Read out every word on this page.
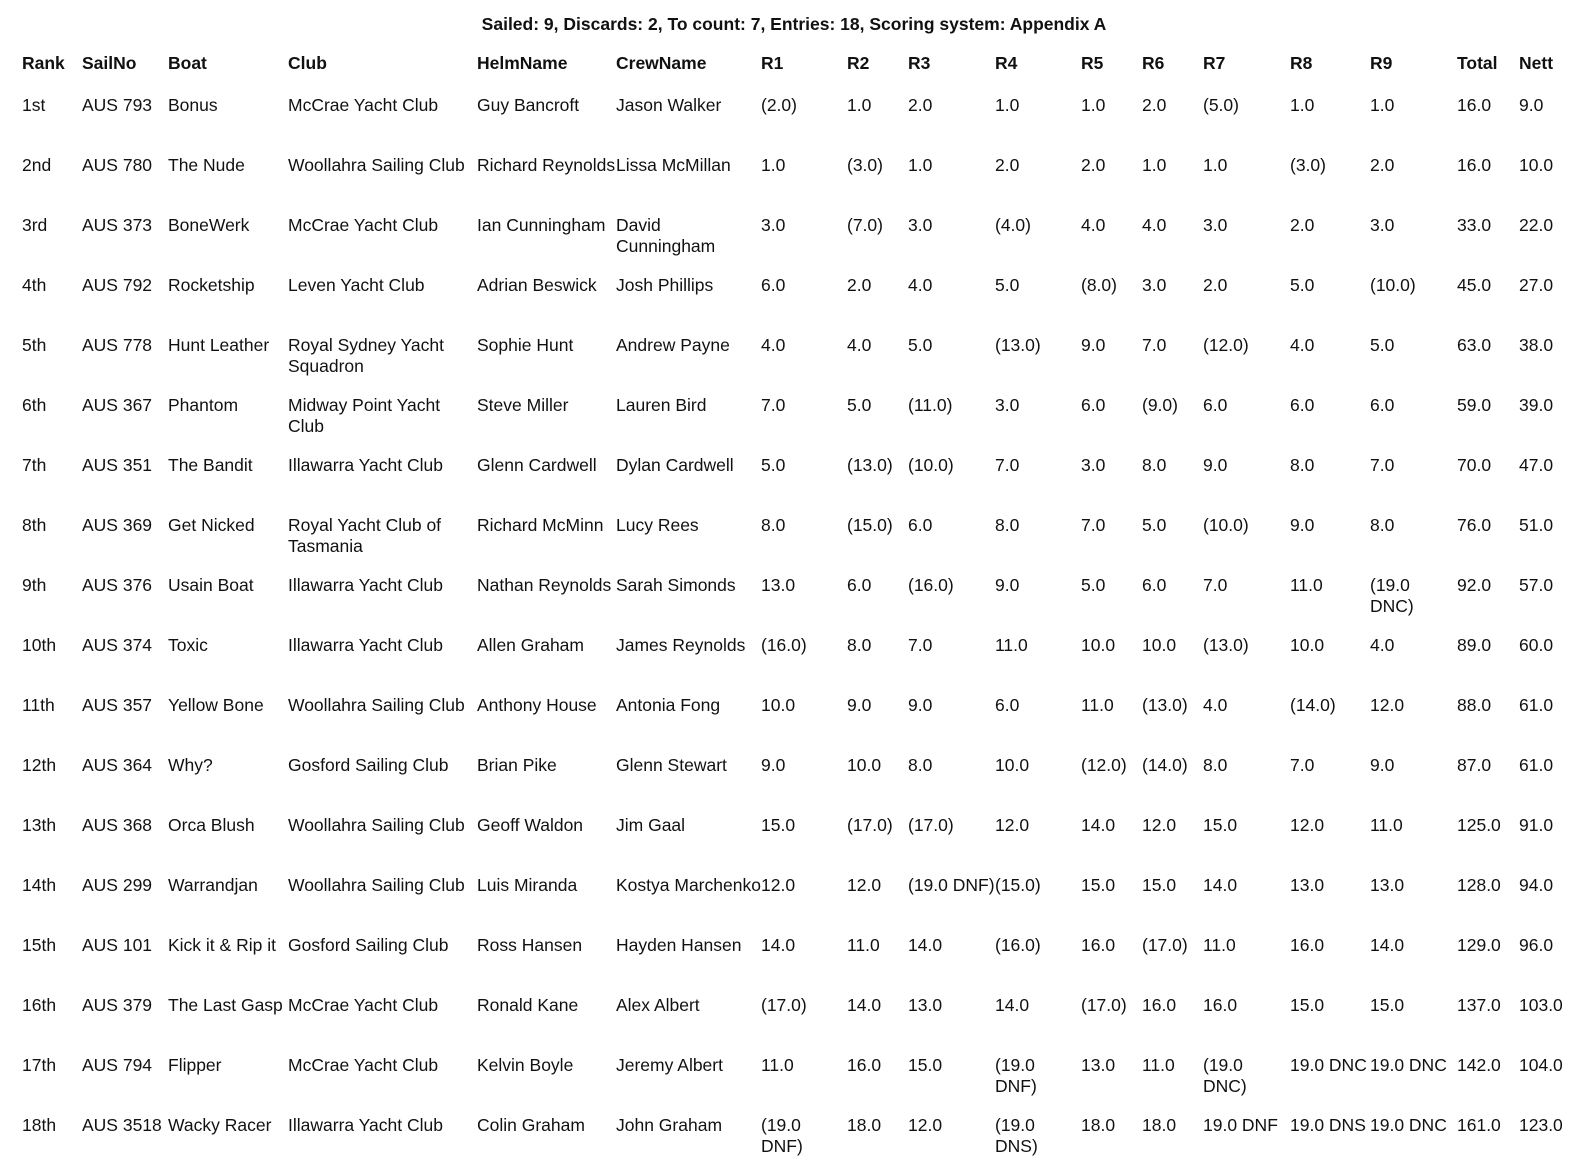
Sailed: 9, Discards: 2, To count: 7, Entries: 18, Scoring system: Appendix A
Rank	SailNo	Boat	Club	HelmName	CrewName	R1	R2	R3	R4	R5	R6	R7	R8	R9	Total	Nett
1st	AUS 793	Bonus	McCrae Yacht Club	Guy Bancroft	Jason Walker	(2.0)	1.0	2.0	1.0	1.0	2.0	(5.0)	1.0	1.0	16.0	9.0
2nd	AUS 780	The Nude	Woollahra Sailing Club	Richard Reynolds	Lissa McMillan	1.0	(3.0)	1.0	2.0	2.0	1.0	1.0	(3.0)	2.0	16.0	10.0
3rd	AUS 373	BoneWerk	McCrae Yacht Club	Ian Cunningham	David Cunningham	3.0	(7.0)	3.0	(4.0)	4.0	4.0	3.0	2.0	3.0	33.0	22.0
4th	AUS 792	Rocketship	Leven Yacht Club	Adrian Beswick	Josh Phillips	6.0	2.0	4.0	5.0	(8.0)	3.0	2.0	5.0	(10.0)	45.0	27.0
5th	AUS 778	Hunt Leather	Royal Sydney Yacht Squadron	Sophie Hunt	Andrew Payne	4.0	4.0	5.0	(13.0)	9.0	7.0	(12.0)	4.0	5.0	63.0	38.0
6th	AUS 367	Phantom	Midway Point Yacht Club	Steve Miller	Lauren Bird	7.0	5.0	(11.0)	3.0	6.0	(9.0)	6.0	6.0	6.0	59.0	39.0
7th	AUS 351	The Bandit	Illawarra Yacht Club	Glenn Cardwell	Dylan Cardwell	5.0	(13.0)	(10.0)	7.0	3.0	8.0	9.0	8.0	7.0	70.0	47.0
8th	AUS 369	Get Nicked	Royal Yacht Club of Tasmania	Richard McMinn	Lucy Rees	8.0	(15.0)	6.0	8.0	7.0	5.0	(10.0)	9.0	8.0	76.0	51.0
9th	AUS 376	Usain Boat	Illawarra Yacht Club	Nathan Reynolds	Sarah Simonds	13.0	6.0	(16.0)	9.0	5.0	6.0	7.0	11.0	(19.0 DNC)	92.0	57.0
10th	AUS 374	Toxic	Illawarra Yacht Club	Allen Graham	James Reynolds	(16.0)	8.0	7.0	11.0	10.0	10.0	(13.0)	10.0	4.0	89.0	60.0
11th	AUS 357	Yellow Bone	Woollahra Sailing Club	Anthony House	Antonia Fong	10.0	9.0	9.0	6.0	11.0	(13.0)	4.0	(14.0)	12.0	88.0	61.0
12th	AUS 364	Why?	Gosford Sailing Club	Brian Pike	Glenn Stewart	9.0	10.0	8.0	10.0	(12.0)	(14.0)	8.0	7.0	9.0	87.0	61.0
13th	AUS 368	Orca Blush	Woollahra Sailing Club	Geoff Waldon	Jim Gaal	15.0	(17.0)	(17.0)	12.0	14.0	12.0	15.0	12.0	11.0	125.0	91.0
14th	AUS 299	Warrandjan	Woollahra Sailing Club	Luis Miranda	Kostya Marchenko	12.0	12.0	(19.0 DNF)	(15.0)	15.0	15.0	14.0	13.0	13.0	128.0	94.0
15th	AUS 101	Kick it & Rip it	Gosford Sailing Club	Ross Hansen	Hayden Hansen	14.0	11.0	14.0	(16.0)	16.0	(17.0)	11.0	16.0	14.0	129.0	96.0
16th	AUS 379	The Last Gasp	McCrae Yacht Club	Ronald Kane	Alex Albert	(17.0)	14.0	13.0	14.0	(17.0)	16.0	16.0	15.0	15.0	137.0	103.0
17th	AUS 794	Flipper	McCrae Yacht Club	Kelvin Boyle	Jeremy Albert	11.0	16.0	15.0	(19.0 DNF)	13.0	11.0	(19.0 DNC)	19.0 DNC	19.0 DNC	142.0	104.0
18th	AUS 3518	Wacky Racer	Illawarra Yacht Club	Colin Graham	John Graham	(19.0 DNF)	18.0	12.0	(19.0 DNS)	18.0	18.0	19.0 DNF	19.0 DNS	19.0 DNC	161.0	123.0
